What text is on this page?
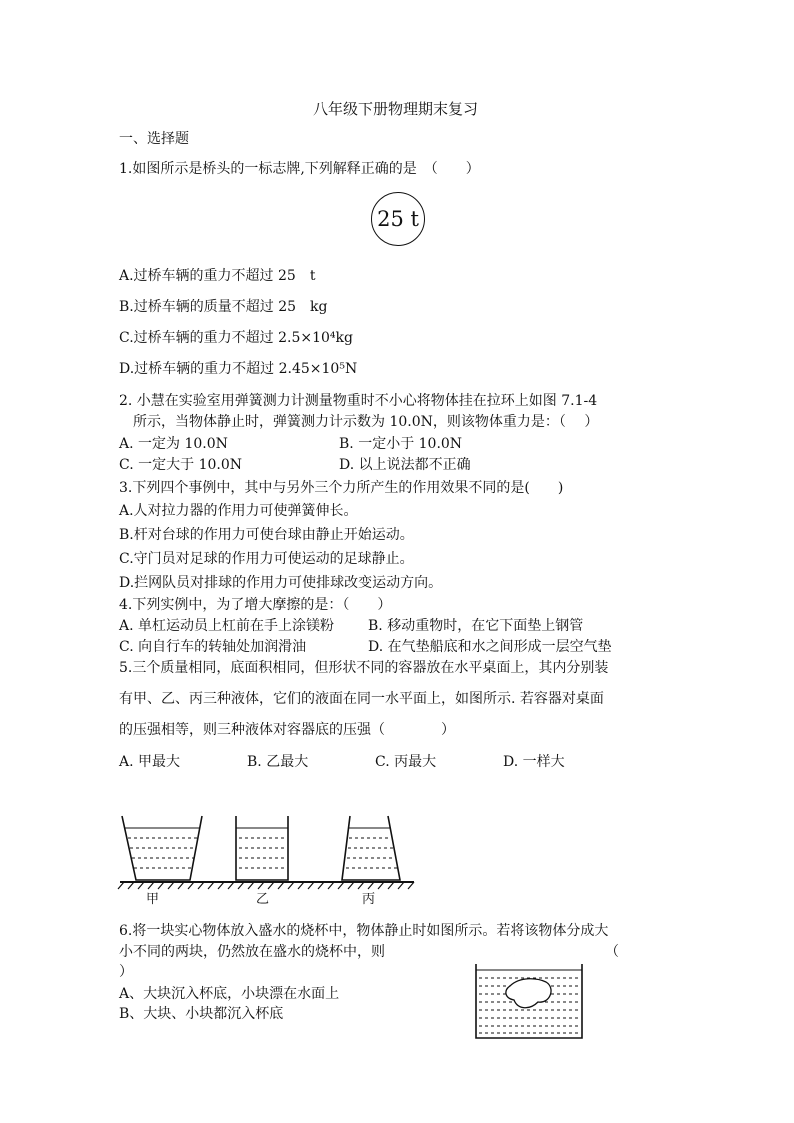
八年级下册物理期末复习
一、选择题
1.如图所示是桥头的一标志牌,下列解释正确的是　（　　）
25 t
A.过桥车辆的重力不超过 25　t
B.过桥车辆的质量不超过 25　kg
C.过桥车辆的重力不超过 2.5×10⁴kg
D.过桥车辆的重力不超过 2.45×10⁵N
2. 小慧在实验室用弹簧测力计测量物重时不小心将物体挂在拉环上如图 7.1-4
所示，当物体静止时，弹簧测力计示数为 10.0N，则该物体重力是：（　 ）
A. 一定为 10.0N	B. 一定小于 10.0N
C. 一定大于 10.0N	D. 以上说法都不正确
3.下列四个事例中，其中与另外三个力所产生的作用效果不同的是(　　)
A.人对拉力器的作用力可使弹簧伸长。
B.杆对台球的作用力可使台球由静止开始运动。
C.守门员对足球的作用力可使运动的足球静止。
D.拦网队员对排球的作用力可使排球改变运动方向。
4.下列实例中，为了增大摩擦的是：（　　）
A. 单杠运动员上杠前在手上涂镁粉 B. 移动重物时，在它下面垫上钢管
C. 向自行车的转轴处加润滑油	D. 在气垫船底和水之间形成一层空气垫
5.三个质量相同，底面积相同，但形状不同的容器放在水平桌面上，其内分别装
有甲、乙、丙三种液体，它们的液面在同一水平面上，如图所示. 若容器对桌面
的压强相等，则三种液体对容器底的压强（　　　　）
A. 甲最大	B. 乙最大	C. 丙最大	D. 一样大
甲	乙	丙
6.将一块实心物体放入盛水的烧杯中，物体静止时如图所示。若将该物体分成大
小不同的两块，仍然放在盛水的烧杯中，则	（
）
A、大块沉入杯底，小块漂在水面上
B、大块、小块都沉入杯底
